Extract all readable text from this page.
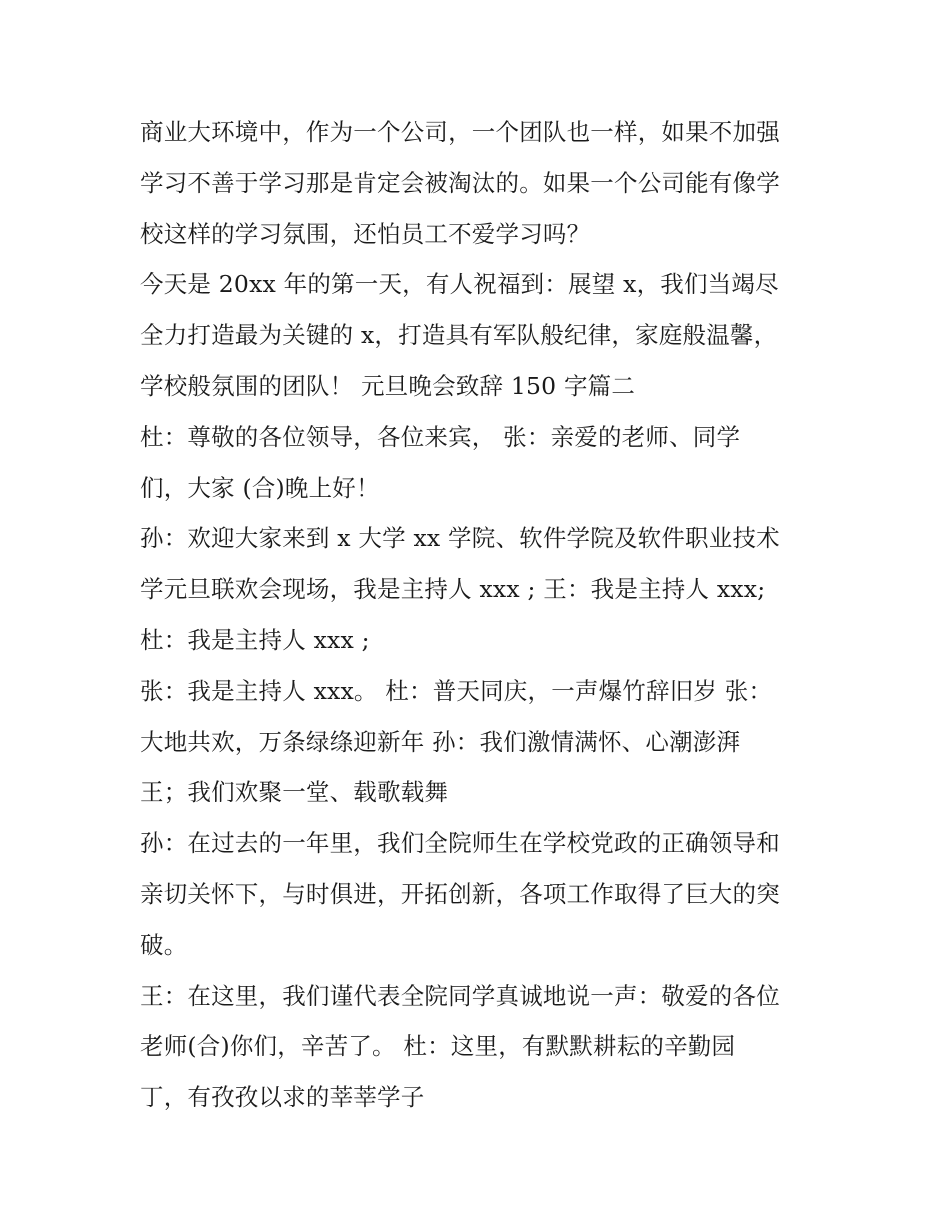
商业大环境中，作为一个公司，一个团队也一样，如果不加强
学习不善于学习那是肯定会被淘汰的。如果一个公司能有像学
校这样的学习氛围，还怕员工不爱学习吗？
今天是 20xx 年的第一天，有人祝福到：展望 x，我们当竭尽
全力打造最为关键的 x，打造具有军队般纪律，家庭般温馨，
学校般氛围的团队！ 元旦晚会致辞 150 字篇二
杜：尊敬的各位领导，各位来宾， 张：亲爱的老师、同学
们，大家 (合)晚上好！
孙：欢迎大家来到 x 大学 xx 学院、软件学院及软件职业技术
学元旦联欢会现场，我是主持人 xxx ; 王：我是主持人 xxx;
杜：我是主持人 xxx ;
张：我是主持人 xxx。 杜：普天同庆，一声爆竹辞旧岁 张：
大地共欢，万条绿绦迎新年 孙：我们激情满怀、心潮澎湃
王；我们欢聚一堂、载歌载舞
孙：在过去的一年里，我们全院师生在学校党政的正确领导和
亲切关怀下，与时俱进，开拓创新，各项工作取得了巨大的突
破。
王：在这里，我们谨代表全院同学真诚地说一声：敬爱的各位
老师(合)你们，辛苦了。 杜：这里，有默默耕耘的辛勤园
丁，有孜孜以求的莘莘学子
